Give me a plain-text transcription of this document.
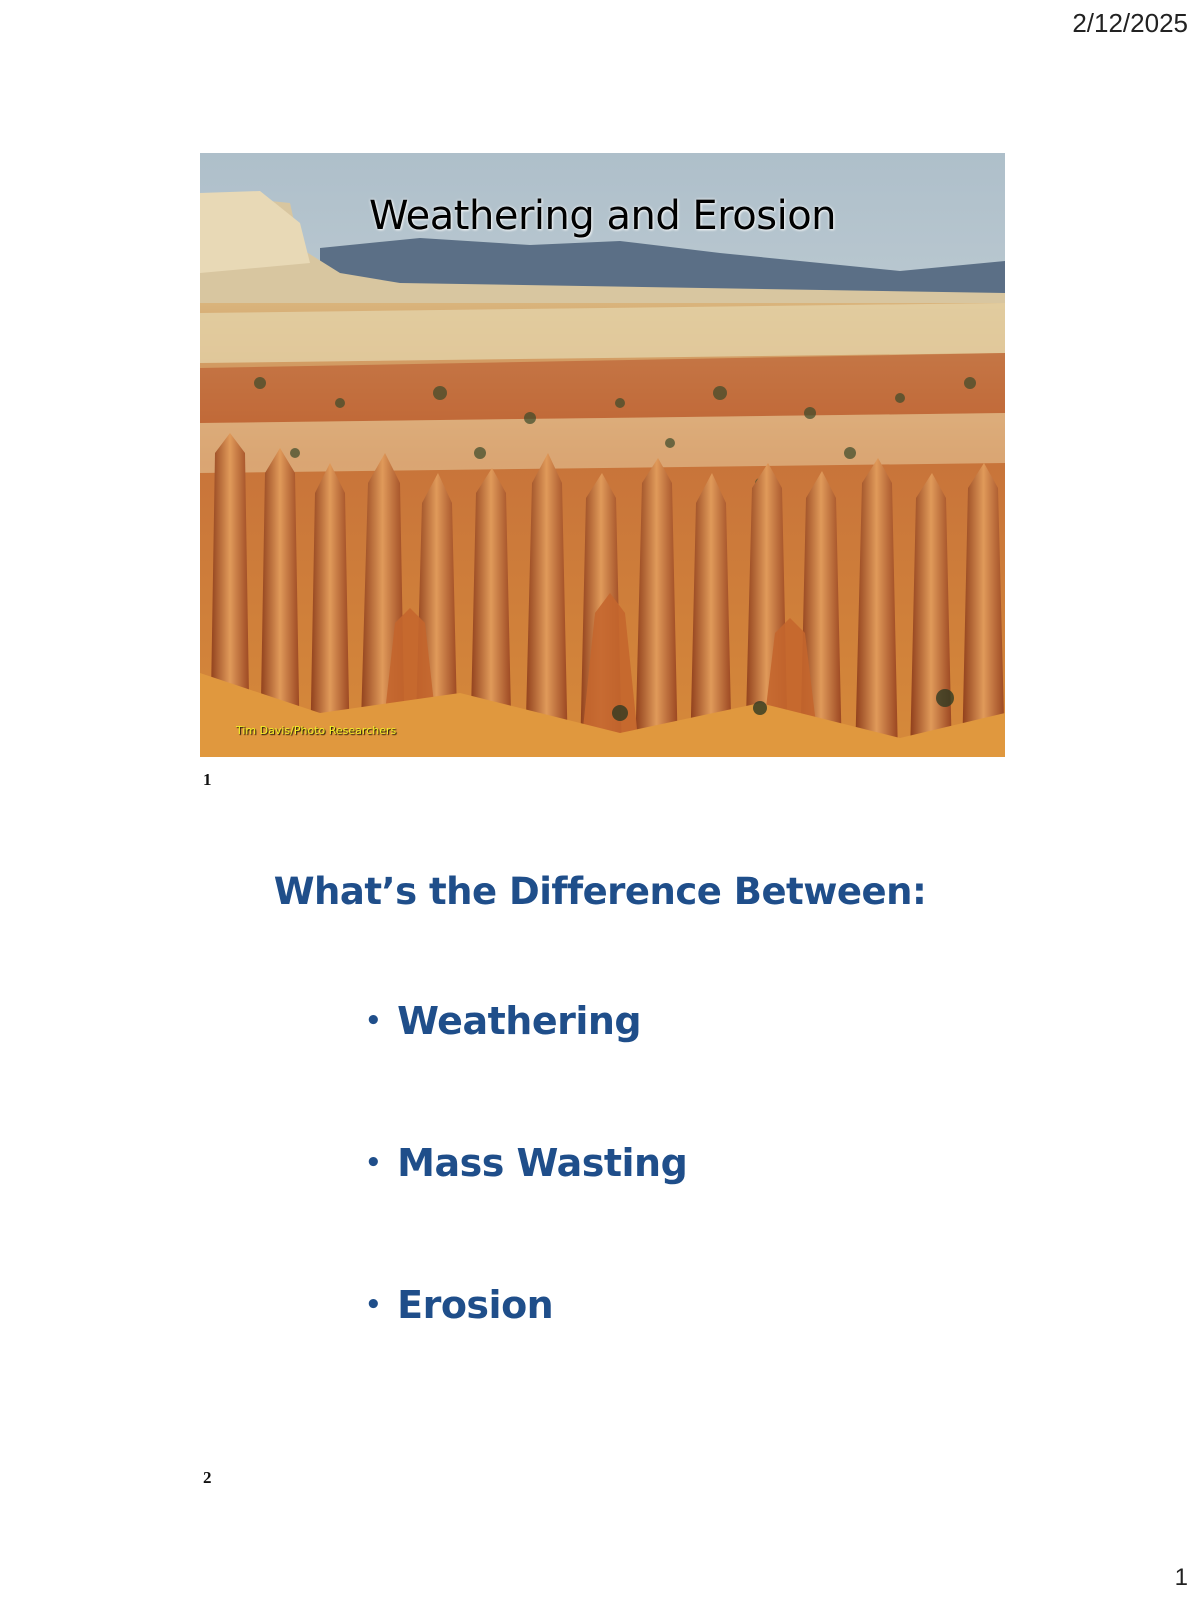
2/12/2025
Weathering and Erosion
Tim Davis/Photo Researchers
1
What’s the Difference Between:
• Weathering
• Mass Wasting
• Erosion
2
1
